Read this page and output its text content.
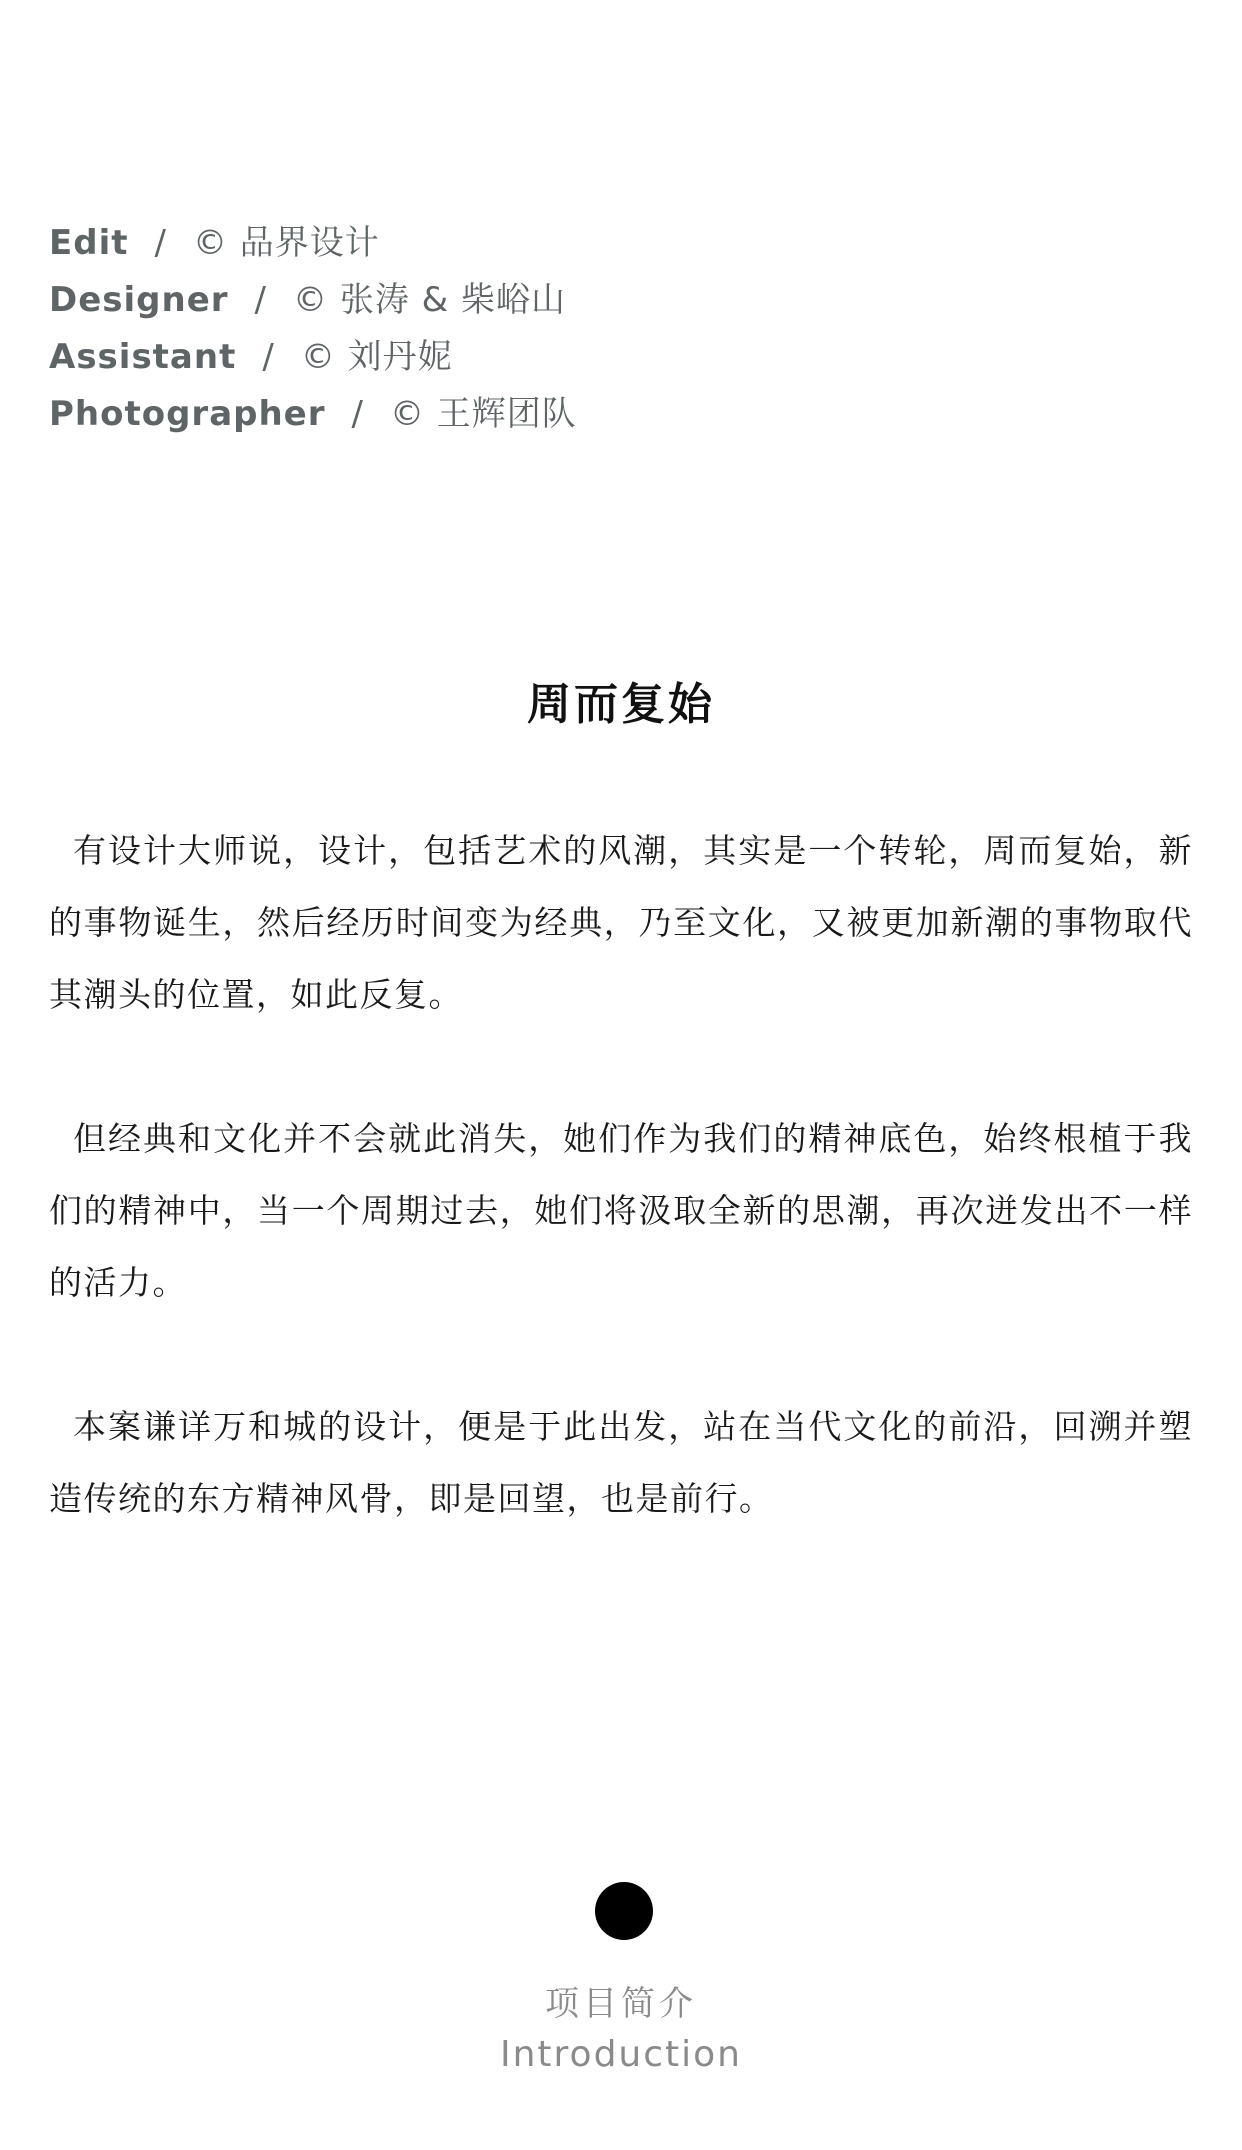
Edit / © 品界设计
Designer / © 张涛 & 柴峪山
Assistant / © 刘丹妮
Photographer / © 王辉团队
周而复始

有设计大师说，设计，包括艺术的风潮，其实是一个转轮，周而复始，新的事物诞生，然后经历时间变为经典，乃至文化，又被更加新潮的事物取代其潮头的位置，如此反复。

但经典和文化并不会就此消失，她们作为我们的精神底色，始终根植于我们的精神中，当一个周期过去，她们将汲取全新的思潮，再次迸发出不一样的活力。

本案谦详万和城的设计，便是于此出发，站在当代文化的前沿，回溯并塑造传统的东方精神风骨，即是回望，也是前行。

项目简介
Introduction
